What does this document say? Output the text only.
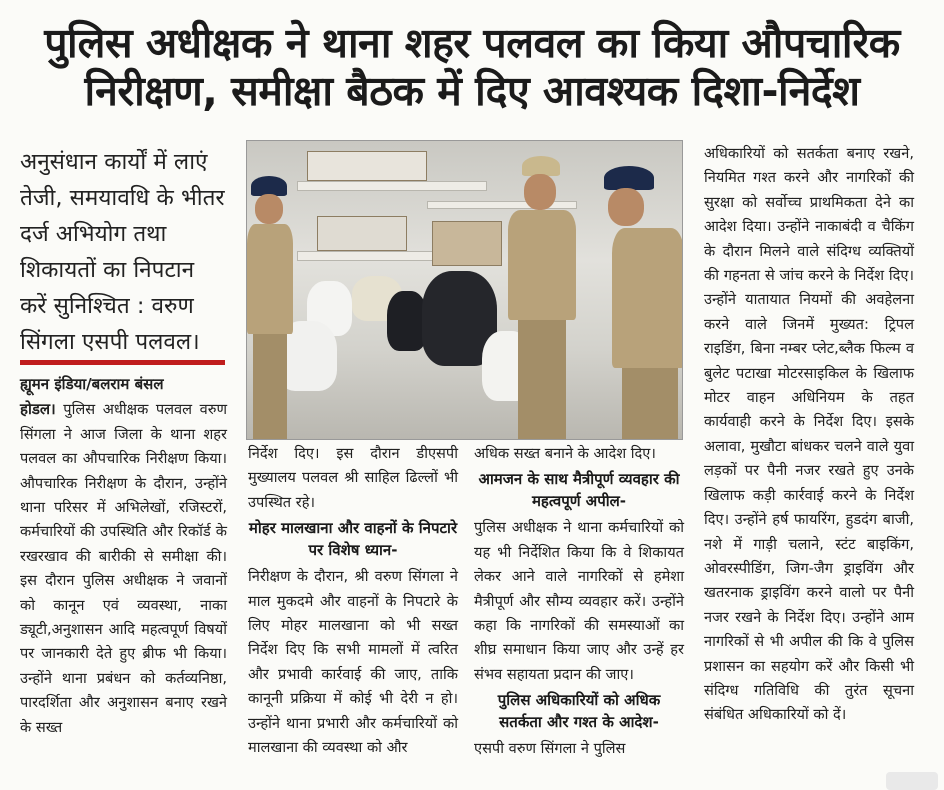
पुलिस अधीक्षक ने थाना शहर पलवल का किया औपचारिक
निरीक्षण, समीक्षा बैठक में दिए आवश्यक दिशा-निर्देश
अनुसंधान कार्यों में लाएं तेजी, समयावधि के भीतर दर्ज अभियोग तथा शिकायतों का निपटान करें सुनिश्चित : वरुण सिंगला एसपी पलवल।

ह्यूमन इंडिया/बलराम बंसल
होडल। पुलिस अधीक्षक पलवल वरुण सिंगला ने आज जिला के थाना शहर पलवल का औपचारिक निरीक्षण किया। औपचारिक निरीक्षण के दौरान, उन्होंने थाना परिसर में अभिलेखों, रजिस्टरों, कर्मचारियों की उपस्थिति और रिकॉर्ड के रखरखाव की बारीकी से समीक्षा की। इस दौरान पुलिस अधीक्षक ने जवानों को कानून एवं व्यवस्था, नाका ड्यूटी,अनुशासन आदि महत्वपूर्ण विषयों पर जानकारी देते हुए ब्रीफ भी किया। उन्होंने थाना प्रबंधन को कर्तव्यनिष्ठा, पारदर्शिता और अनुशासन बनाए रखने के सख्त

निर्देश दिए। इस दौरान डीएसपी मुख्यालय पलवल श्री साहिल ढिल्लों भी उपस्थित रहे।

मोहर मालखाना और वाहनों के निपटारे पर विशेष ध्यान-

निरीक्षण के दौरान, श्री वरुण सिंगला ने माल मुकदमे और वाहनों के निपटारे के लिए मोहर मालखाना को भी सख्त निर्देश दिए कि सभी मामलों में त्वरित और प्रभावी कार्रवाई की जाए, ताकि कानूनी प्रक्रिया में कोई भी देरी न हो। उन्होंने थाना प्रभारी और कर्मचारियों को मालखाना की व्यवस्था को और

अधिक सख्त बनाने के आदेश दिए।

आमजन के साथ मैत्रीपूर्ण व्यवहार की महत्वपूर्ण अपील-

पुलिस अधीक्षक ने थाना कर्मचारियों को यह भी निर्देशित किया कि वे शिकायत लेकर आने वाले नागरिकों से हमेशा मैत्रीपूर्ण और सौम्य व्यवहार करें। उन्होंने कहा कि नागरिकों की समस्याओं का शीघ्र समाधान किया जाए और उन्हें हर संभव सहायता प्रदान की जाए।

पुलिस अधिकारियों को अधिक सतर्कता और गश्त के आदेश-

एसपी वरुण सिंगला ने पुलिस

अधिकारियों को सतर्कता बनाए रखने, नियमित गश्त करने और नागरिकों की सुरक्षा को सर्वोच्च प्राथमिकता देने का आदेश दिया। उन्होंने नाकाबंदी व चैकिंग के दौरान मिलने वाले संदिग्ध व्यक्तियों की गहनता से जांच करने के निर्देश दिए। उन्होंने यातायात नियमों की अवहेलना करने वाले जिनमें मुख्यत: ट्रिपल राइडिंग, बिना नम्बर प्लेट,ब्लैक फिल्म व बुलेट पटाखा मोटरसाइकिल के खिलाफ मोटर वाहन अधिनियम के तहत कार्यवाही करने के निर्देश दिए। इसके अलावा, मुखौटा बांधकर चलने वाले युवा लड़कों पर पैनी नजर रखते हुए उनके खिलाफ कड़ी कार्रवाई करने के निर्देश दिए। उन्होंने हर्ष फायरिंग, हुडदंग बाजी, नशे में गाड़ी चलाने, स्टंट बाइकिंग, ओवरस्पीडिंग, जिग-जैग ड्राइविंग और खतरनाक ड्राइविंग करने वालो पर पैनी नजर रखने के निर्देश दिए। उन्होंने आम नागरिकों से भी अपील की कि वे पुलिस प्रशासन का सहयोग करें और किसी भी संदिग्ध गतिविधि की तुरंत सूचना संबंधित अधिकारियों को दें।
